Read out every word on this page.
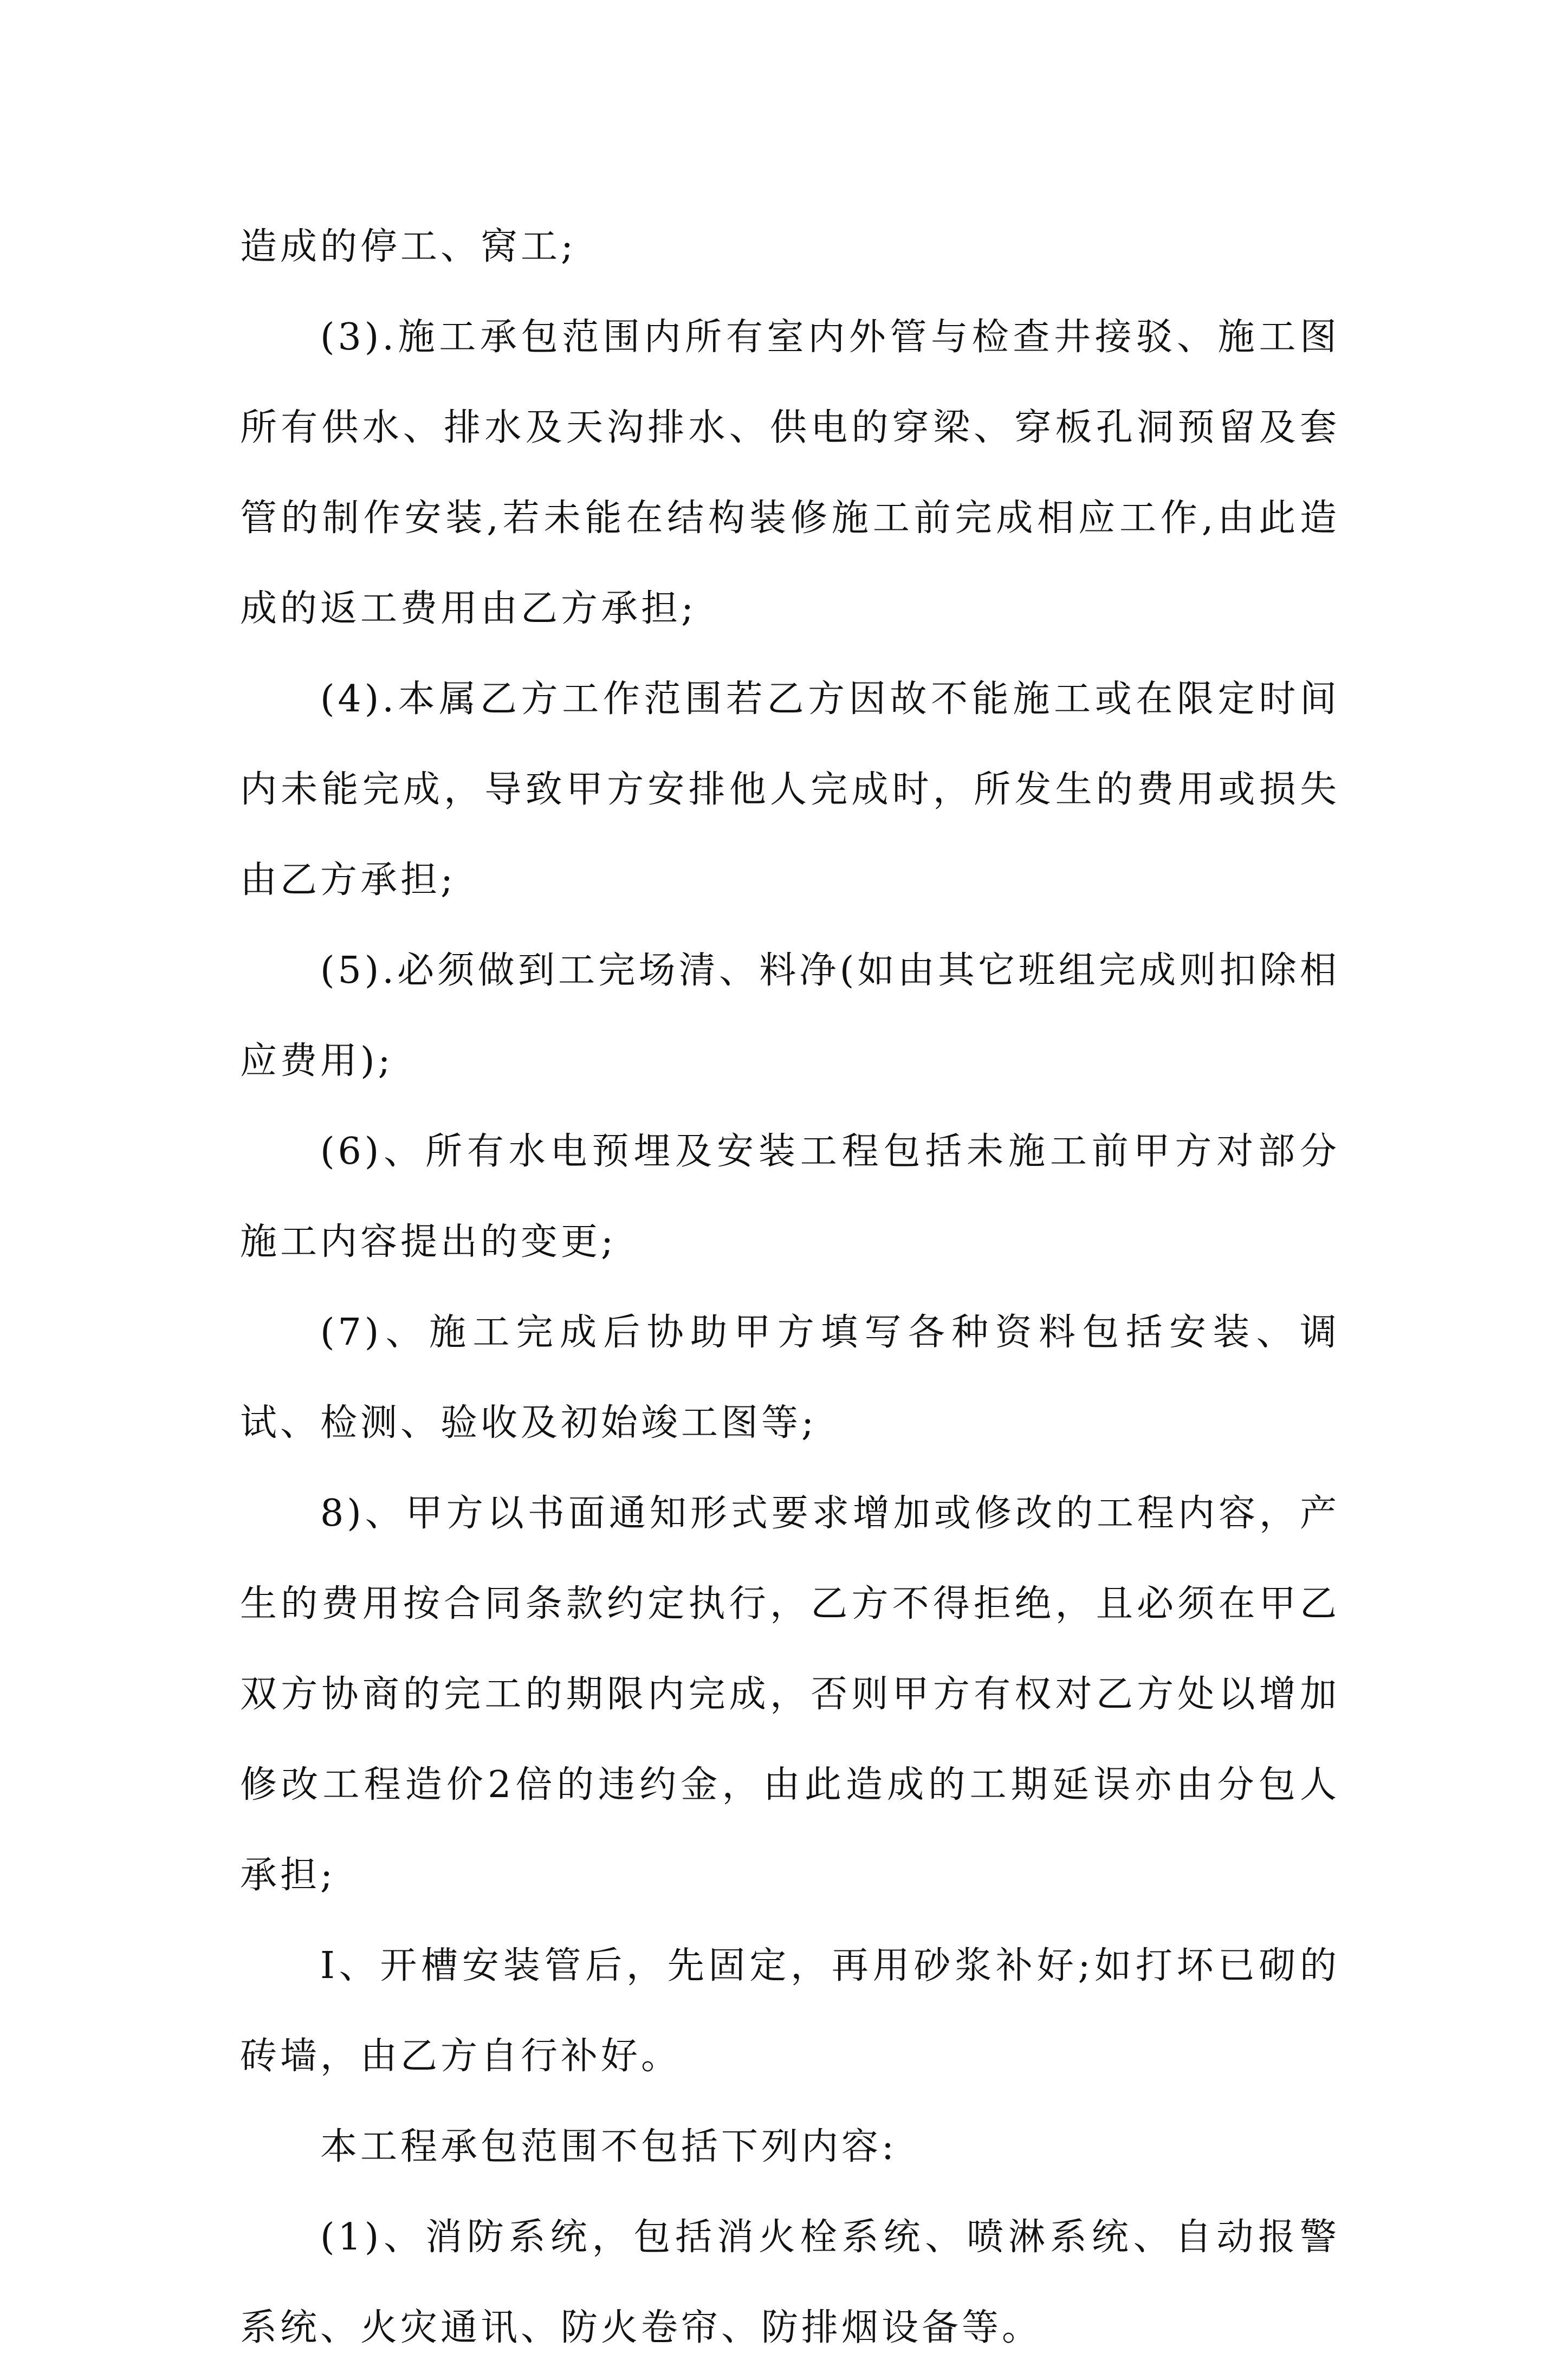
造成的停工、窝工;

(3).施工承包范围内所有室内外管与检查井接驳、施工图所有供水、排水及天沟排水、供电的穿梁、穿板孔洞预留及套管的制作安装,若未能在结构装修施工前完成相应工作,由此造成的返工费用由乙方承担;

(4).本属乙方工作范围若乙方因故不能施工或在限定时间内未能完成，导致甲方安排他人完成时，所发生的费用或损失由乙方承担;

(5).必须做到工完场清、料净(如由其它班组完成则扣除相应费用);

(6)、所有水电预埋及安装工程包括未施工前甲方对部分施工内容提出的变更;

(7)、施工完成后协助甲方填写各种资料包括安装、调试、检测、验收及初始竣工图等;

8)、甲方以书面通知形式要求增加或修改的工程内容，产生的费用按合同条款约定执行，乙方不得拒绝，且必须在甲乙双方协商的完工的期限内完成，否则甲方有权对乙方处以增加修改工程造价2倍的违约金，由此造成的工期延误亦由分包人承担;

I、开槽安装管后，先固定，再用砂浆补好;如打坏已砌的砖墙，由乙方自行补好。

本工程承包范围不包括下列内容:

(1)、消防系统，包括消火栓系统、喷淋系统、自动报警系统、火灾通讯、防火卷帘、防排烟设备等。
